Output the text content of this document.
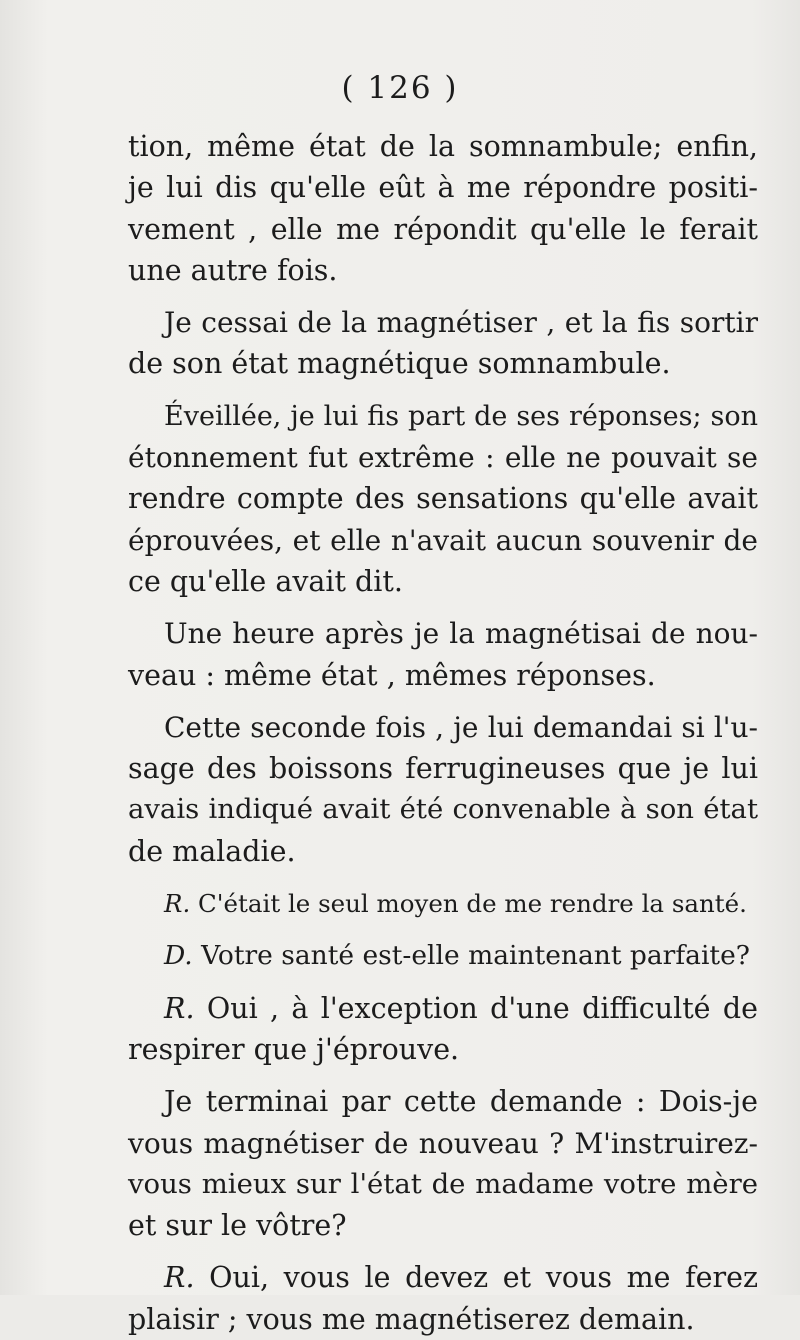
( 126 )
tion, même état de la somnambule; enfin,
je lui dis qu'elle eût à me répondre positi-
vement , elle me répondit qu'elle le ferait
une autre fois.
Je cessai de la magnétiser , et la fis sortir
de son état magnétique somnambule.
Éveillée, je lui fis part de ses réponses; son
étonnement fut extrême : elle ne pouvait se
rendre compte des sensations qu'elle avait
éprouvées, et elle n'avait aucun souvenir de
ce qu'elle avait dit.
Une heure après je la magnétisai de nou-
veau : même état , mêmes réponses.
Cette seconde fois , je lui demandai si l'u-
sage des boissons ferrugineuses que je lui
avais indiqué avait été convenable à son état
de maladie.
R. C'était le seul moyen de me rendre la santé.
D. Votre santé est-elle maintenant parfaite?
R. Oui , à l'exception d'une difficulté de
respirer que j'éprouve.
Je terminai par cette demande : Dois-je
vous magnétiser de nouveau ? M'instruirez-
vous mieux sur l'état de madame votre mère
et sur le vôtre?
R. Oui, vous le devez et vous me ferez
plaisir ; vous me magnétiserez demain.
